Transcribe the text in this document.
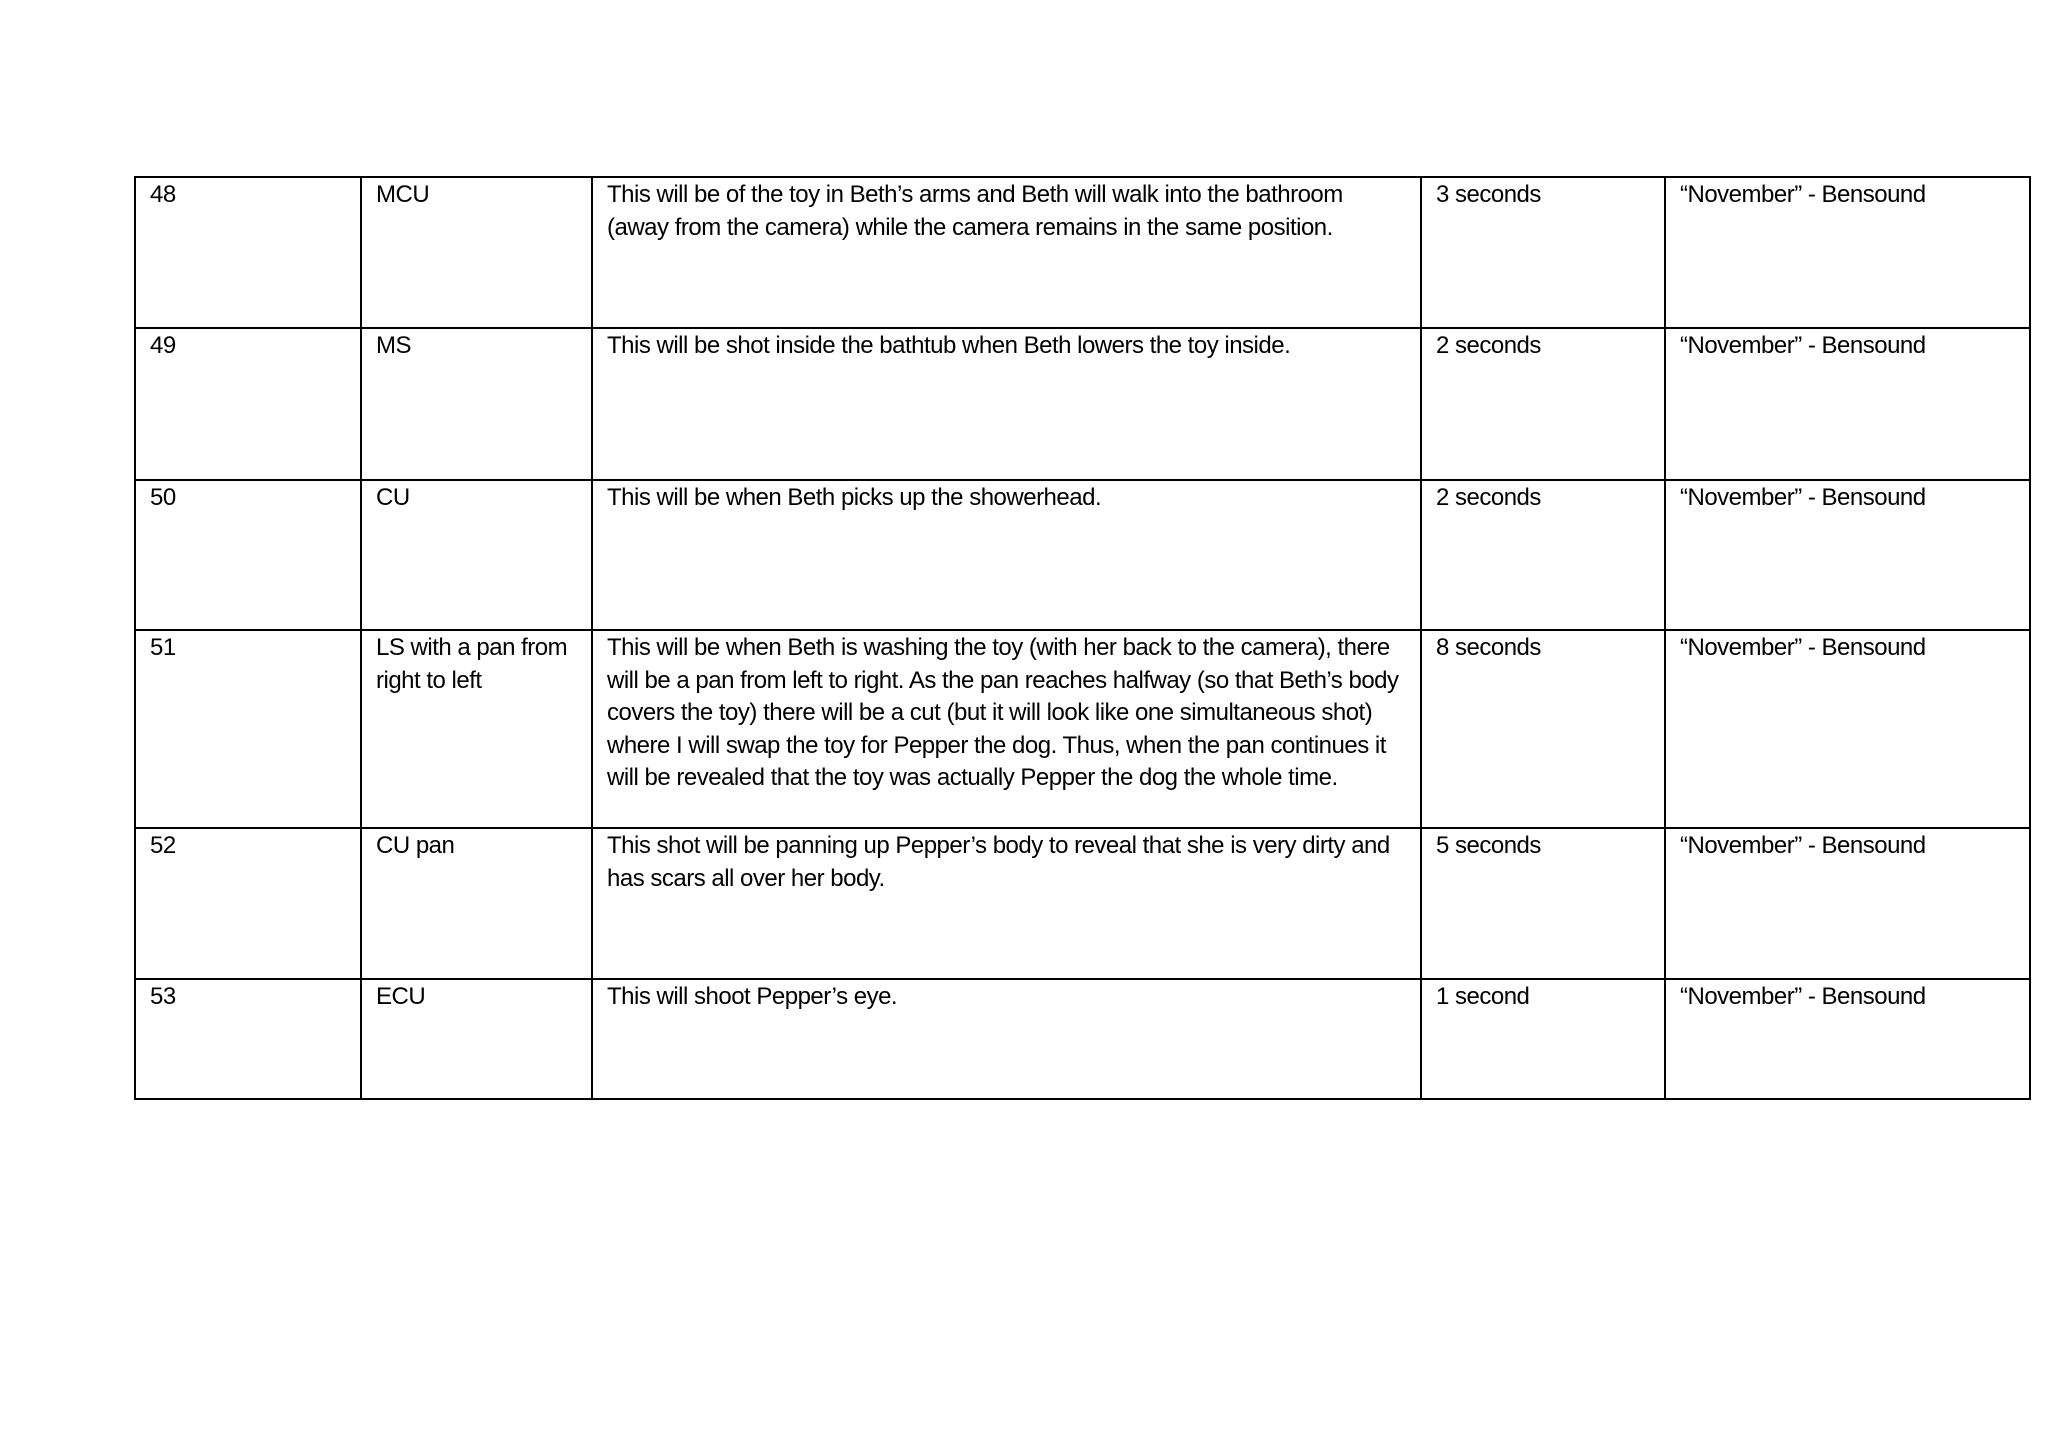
48	MCU	This will be of the toy in Beth’s arms and Beth will walk into the bathroom (away from the camera) while the camera remains in the same position.	3 seconds	“November” - Bensound
49	MS	This will be shot inside the bathtub when Beth lowers the toy inside.	2 seconds	“November” - Bensound
50	CU	This will be when Beth picks up the showerhead.	2 seconds	“November” - Bensound
51	LS with a pan from right to left	This will be when Beth is washing the toy (with her back to the camera), there will be a pan from left to right. As the pan reaches halfway (so that Beth’s body covers the toy) there will be a cut (but it will look like one simultaneous shot) where I will swap the toy for Pepper the dog. Thus, when the pan continues it will be revealed that the toy was actually Pepper the dog the whole time.	8 seconds	“November” - Bensound
52	CU pan	This shot will be panning up Pepper’s body to reveal that she is very dirty and has scars all over her body.	5 seconds	“November” - Bensound
53	ECU	This will shoot Pepper’s eye.	1 second	“November” - Bensound
